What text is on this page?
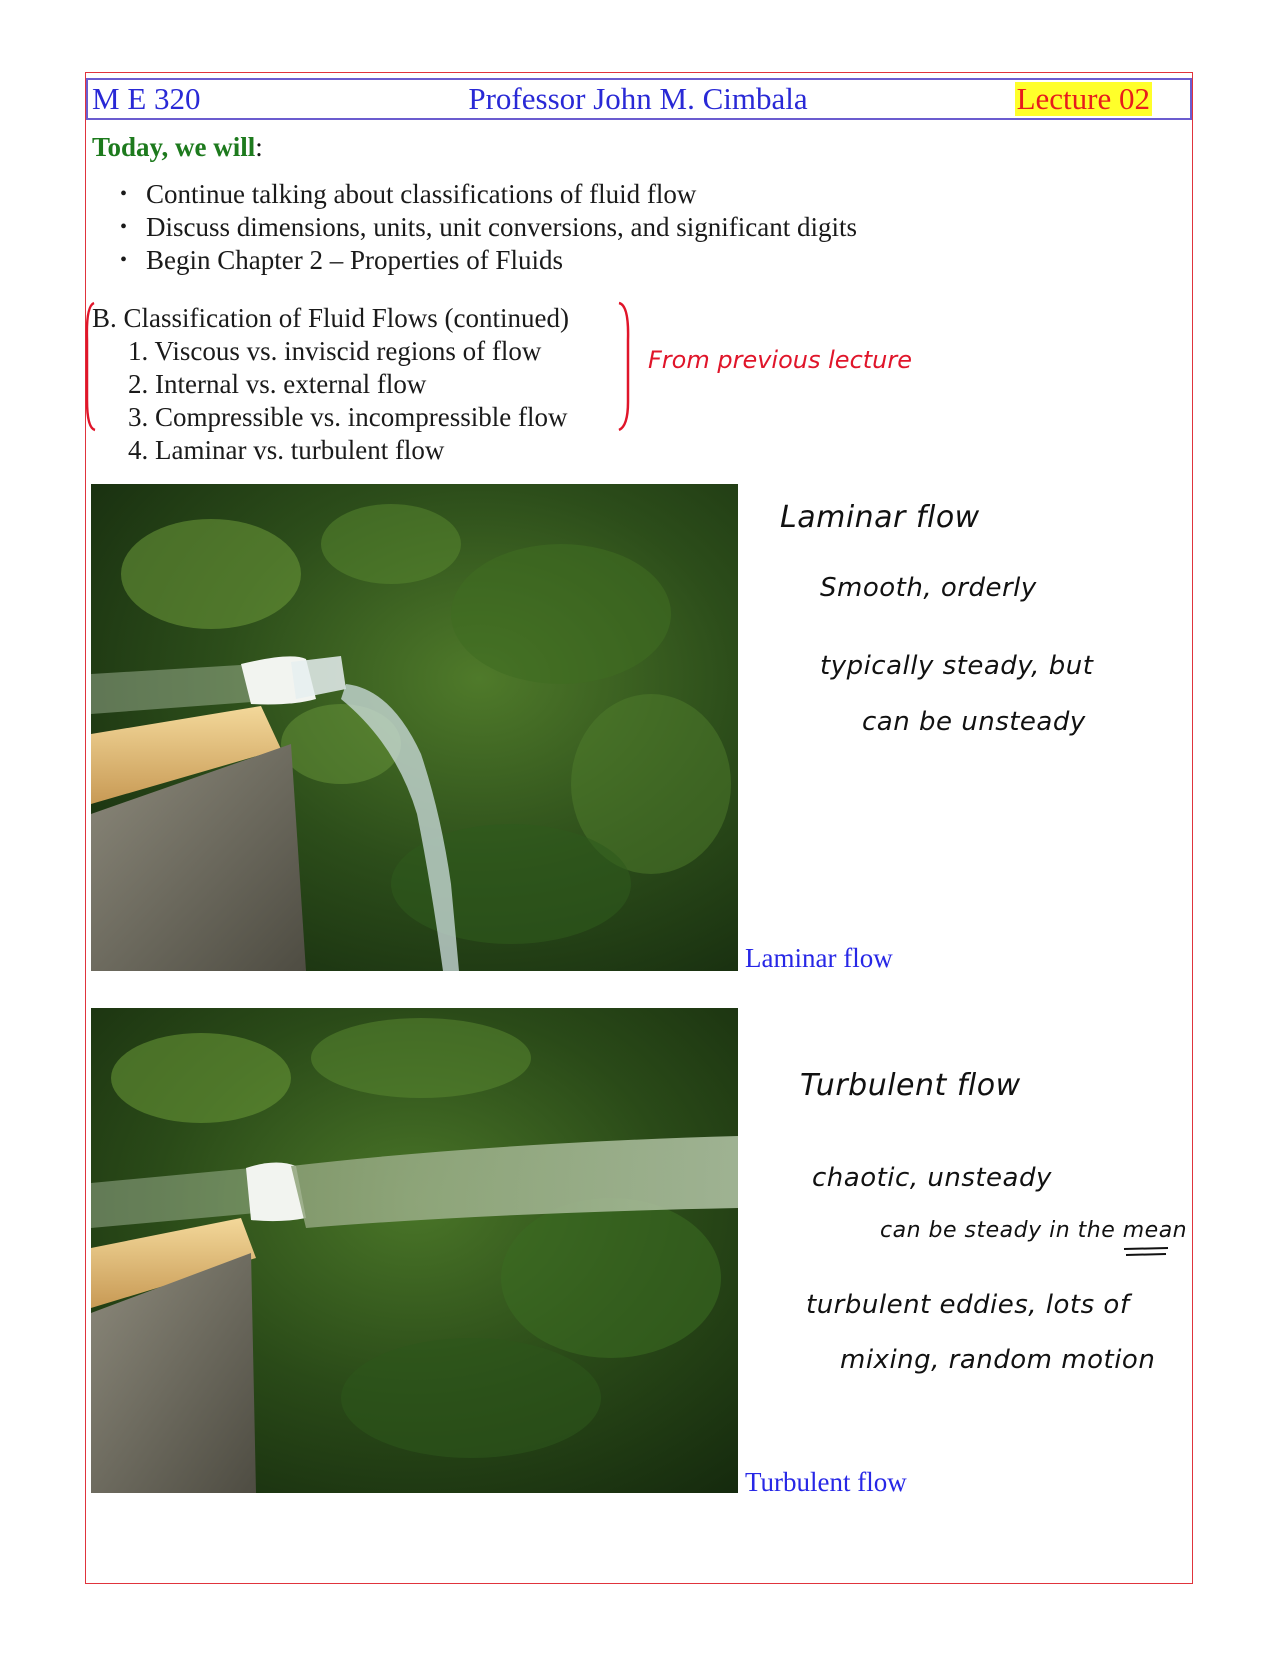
M E 320	Professor John M. Cimbala	Lecture 02
Today, we will:
• Continue talking about classifications of fluid flow
• Discuss dimensions, units, unit conversions, and significant digits
• Begin Chapter 2 – Properties of Fluids
B. Classification of Fluid Flows (continued)
1. Viscous vs. inviscid regions of flow
2. Internal vs. external flow
3. Compressible vs. incompressible flow
4. Laminar vs. turbulent flow
From previous lecture
Laminar flow
Turbulent flow
Laminar flow
Smooth, orderly
typically steady, but
can be unsteady
Turbulent flow
chaotic, unsteady
can be steady in the mean
turbulent eddies, lots of
mixing, random motion
